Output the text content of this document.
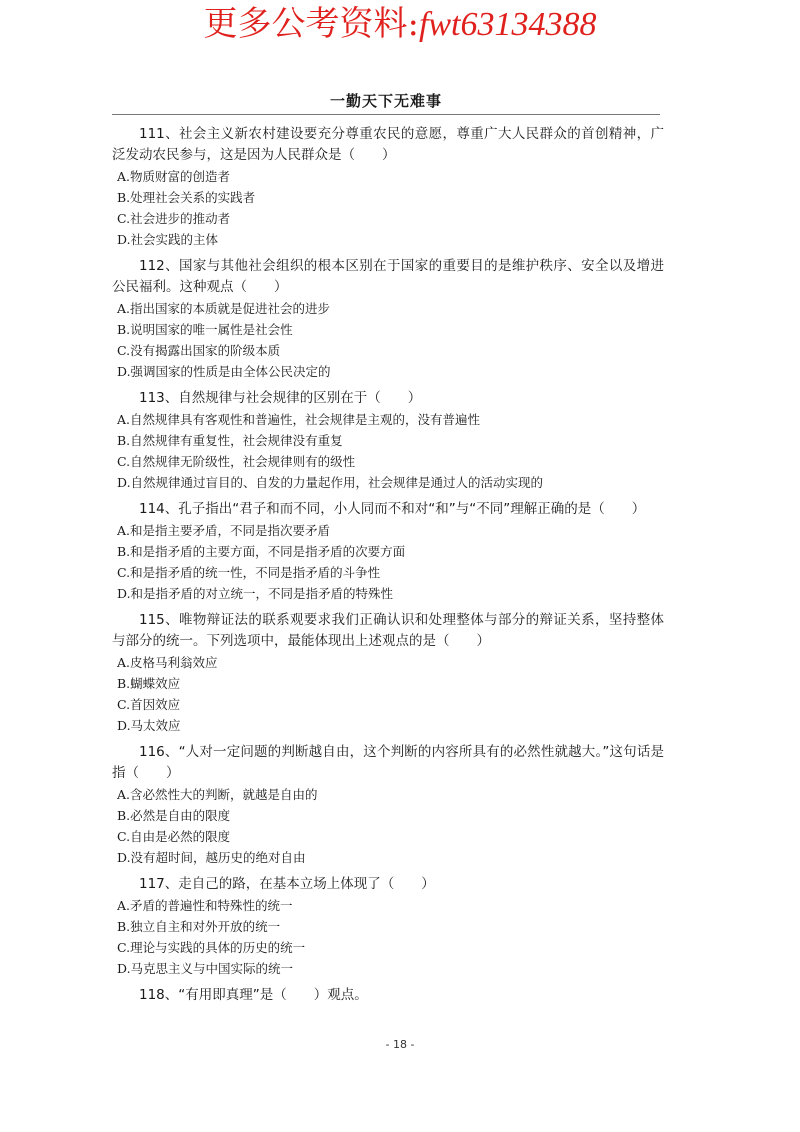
更多公考资料:fwt63134388
一勤天下无难事
111、社会主义新农村建设要充分尊重农民的意愿，尊重广大人民群众的首创精神，广泛发动农民参与，这是因为人民群众是（　　）
A.物质财富的创造者
B.处理社会关系的实践者
C.社会进步的推动者
D.社会实践的主体
112、国家与其他社会组织的根本区别在于国家的重要目的是维护秩序、安全以及增进公民福利。这种观点（　　）
A.指出国家的本质就是促进社会的进步
B.说明国家的唯一属性是社会性
C.没有揭露出国家的阶级本质
D.强调国家的性质是由全体公民决定的
113、自然规律与社会规律的区别在于（　　）
A.自然规律具有客观性和普遍性，社会规律是主观的，没有普遍性
B.自然规律有重复性，社会规律没有重复
C.自然规律无阶级性，社会规律则有的级性
D.自然规律通过盲目的、自发的力量起作用，社会规律是通过人的活动实现的
114、孔子指出“君子和而不同，小人同而不和对“和”与“不同”理解正确的是（　　）
A.和是指主要矛盾，不同是指次要矛盾
B.和是指矛盾的主要方面，不同是指矛盾的次要方面
C.和是指矛盾的统一性，不同是指矛盾的斗争性
D.和是指矛盾的对立统一，不同是指矛盾的特殊性
115、唯物辩证法的联系观要求我们正确认识和处理整体与部分的辩证关系，坚持整体与部分的统一。下列选项中，最能体现出上述观点的是（　　）
A.皮格马利翁效应
B.蝴蝶效应
C.首因效应
D.马太效应
116、“人对一定问题的判断越自由，这个判断的内容所具有的必然性就越大。”这句话是指（　　）
A.含必然性大的判断，就越是自由的
B.必然是自由的限度
C.自由是必然的限度
D.没有超时间，越历史的绝对自由
117、走自己的路，在基本立场上体现了（　　）
A.矛盾的普遍性和特殊性的统一
B.独立自主和对外开放的统一
C.理论与实践的具体的历史的统一
D.马克思主义与中国实际的统一
118、“有用即真理”是（　　）观点。
- 18 -
